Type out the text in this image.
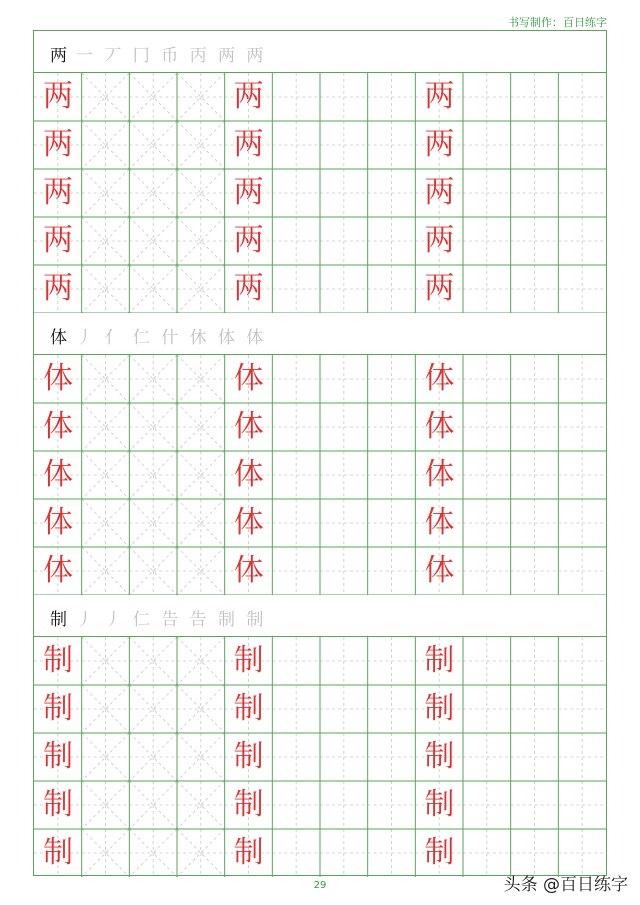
书写制作：百日练字
两 一 丆 冂 币 丙 两 两
两	两	两
两	两	两
两	两	两
两	两	两
两	两	两
体 丿 亻 仁 什 休 体 体
体	体	体
体	体	体
体	体	体
体	体	体
体	体	体
制 丿 丿 仁 告 告 制 制
制	制	制
制	制	制
制	制	制
制	制	制
制	制	制
29	头条 @百日练字
